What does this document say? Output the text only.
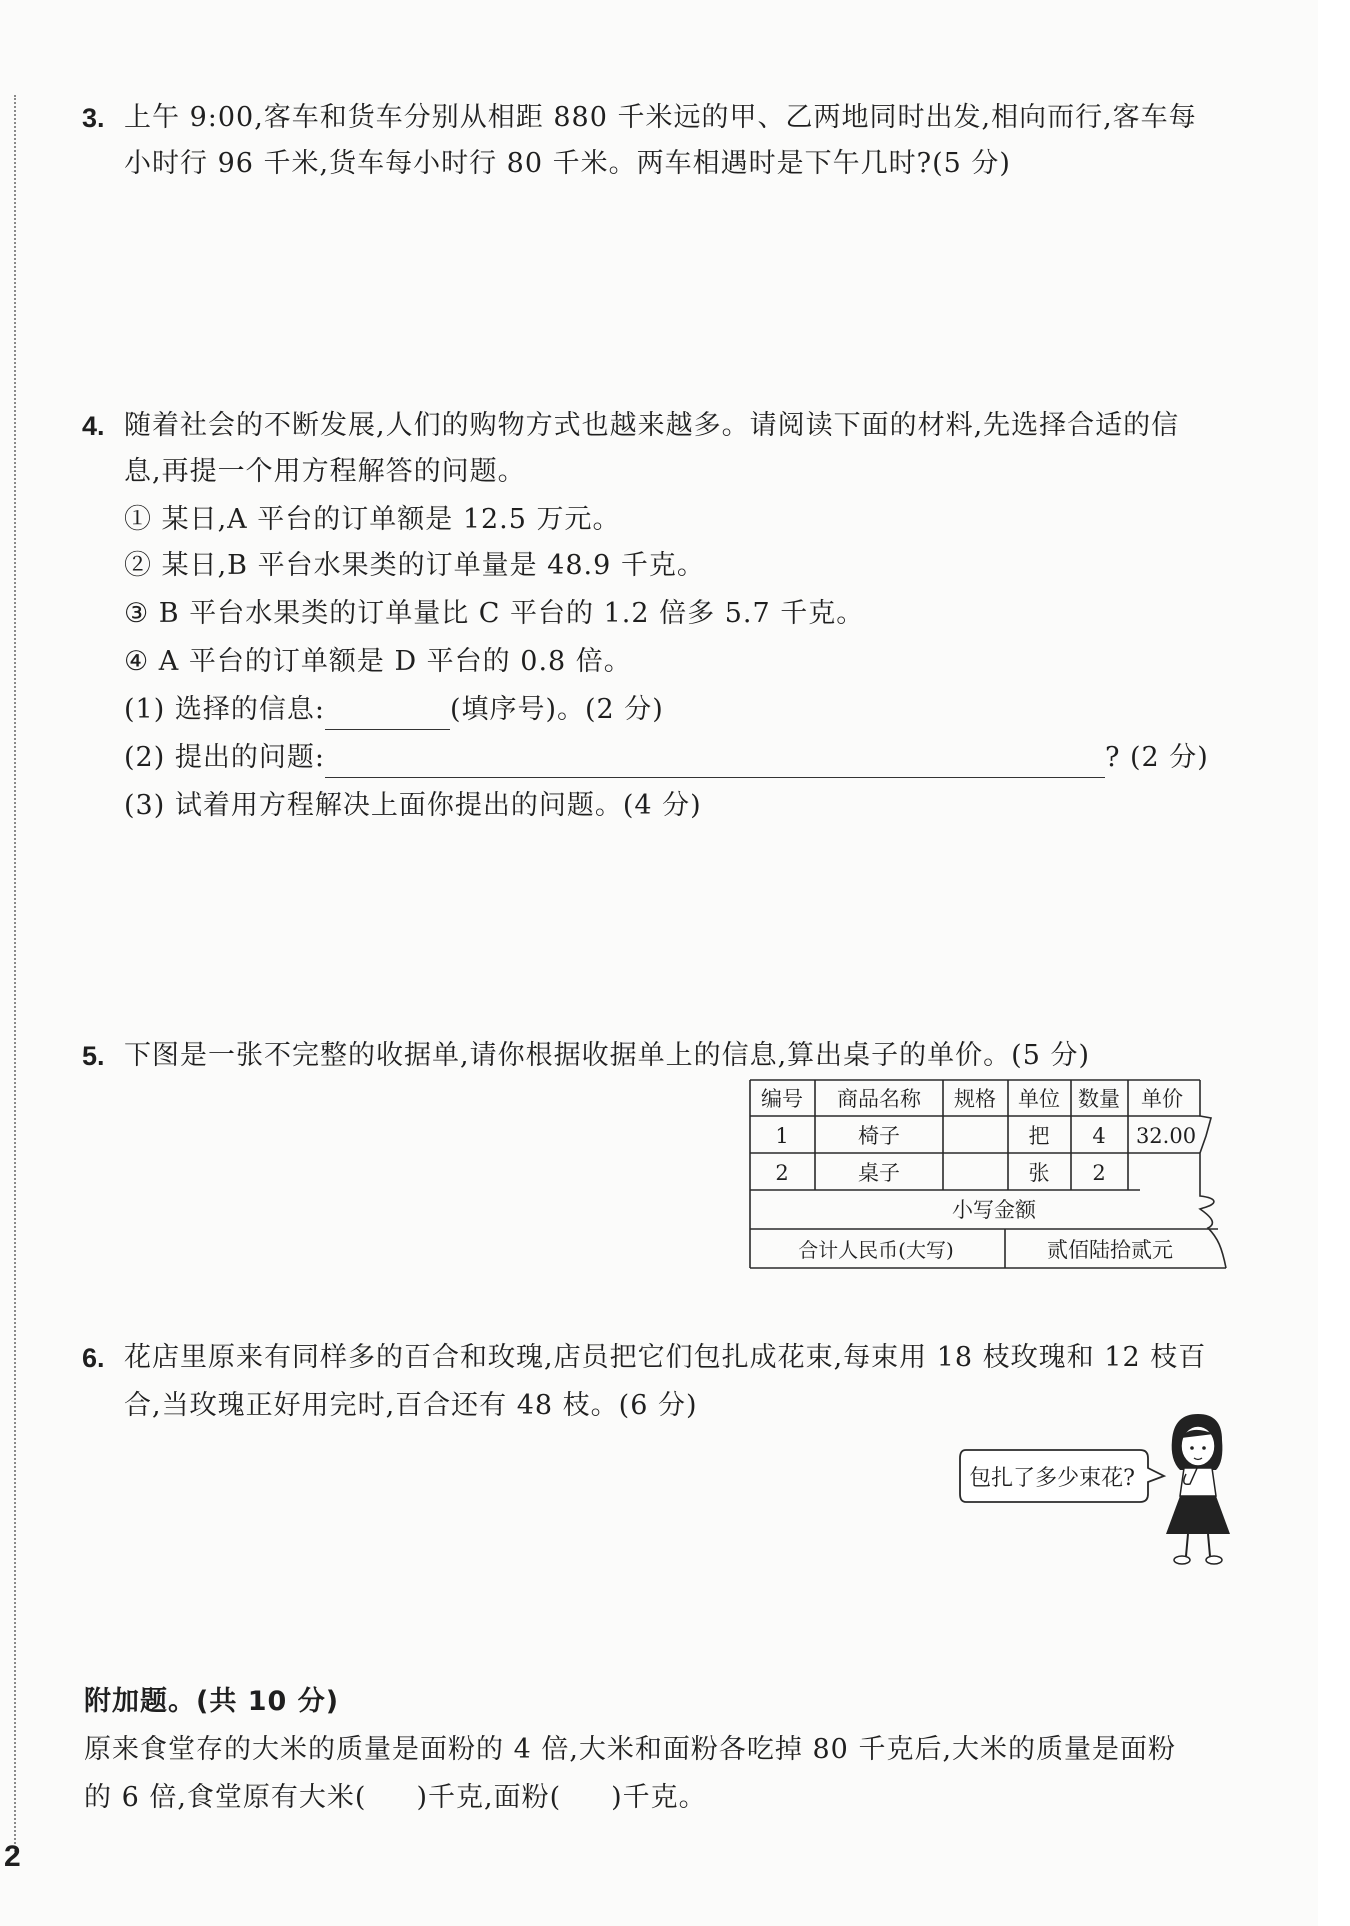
3. 上午 9:00,客车和货车分别从相距 880 千米远的甲、乙两地同时出发,相向而行,客车每
小时行 96 千米,货车每小时行 80 千米。两车相遇时是下午几时?(5 分)
4. 随着社会的不断发展,人们的购物方式也越来越多。请阅读下面的材料,先选择合适的信
息,再提一个用方程解答的问题。
① 某日,A 平台的订单额是 12.5 万元。
② 某日,B 平台水果类的订单量是 48.9 千克。
③ B 平台水果类的订单量比 C 平台的 1.2 倍多 5.7 千克。
④ A 平台的订单额是 D 平台的 0.8 倍。
(1) 选择的信息:	(填序号)。(2 分)
(2) 提出的问题:	? (2 分)
(3) 试着用方程解决上面你提出的问题。(4 分)
5. 下图是一张不完整的收据单,请你根据收据单上的信息,算出桌子的单价。(5 分)
编号 商品名称 规格 单位 数量 单价
1	椅子	把 4 32.00
2	桌子	张 2
小写金额
合计人民币(大写)	贰佰陆拾贰元
6. 花店里原来有同样多的百合和玫瑰,店员把它们包扎成花束,每束用 18 枝玫瑰和 12 枝百
合,当玫瑰正好用完时,百合还有 48 枝。(6 分)
包扎了多少束花?
附加题。(共 10 分)
原来食堂存的大米的质量是面粉的 4 倍,大米和面粉各吃掉 80 千克后,大米的质量是面粉
的 6 倍,食堂原有大米( )千克,面粉( )千克。
2
